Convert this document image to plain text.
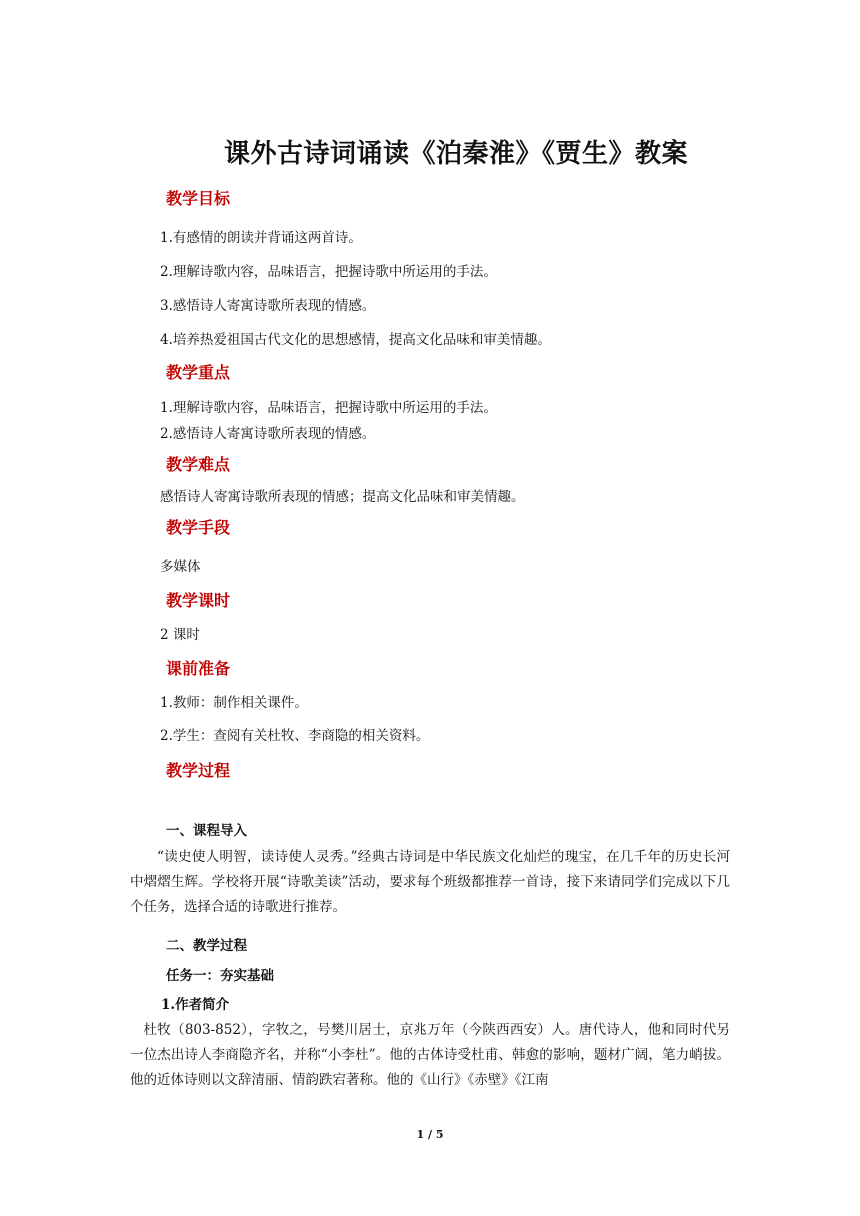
课外古诗词诵读《泊秦淮》《贾生》教案
教学目标
1.有感情的朗读并背诵这两首诗。
2.理解诗歌内容，品味语言，把握诗歌中所运用的手法。
3.感悟诗人寄寓诗歌所表现的情感。
4.培养热爱祖国古代文化的思想感情，提高文化品味和审美情趣。
教学重点
1.理解诗歌内容，品味语言，把握诗歌中所运用的手法。
2.感悟诗人寄寓诗歌所表现的情感。
教学难点
感悟诗人寄寓诗歌所表现的情感；提高文化品味和审美情趣。
教学手段
多媒体
教学课时
2 课时
课前准备
1.教师：制作相关课件。
2.学生：查阅有关杜牧、李商隐的相关资料。
教学过程
一、课程导入
“读史使人明智，读诗使人灵秀。”经典古诗词是中华民族文化灿烂的瑰宝，在几千年的历史长河中熠熠生辉。学校将开展“诗歌美读”活动，要求每个班级都推荐一首诗，接下来请同学们完成以下几个任务，选择合适的诗歌进行推荐。
二、教学过程
任务一：夯实基础
1.作者简介
杜牧（803-852），字牧之，号樊川居士，京兆万年（今陕西西安）人。唐代诗人，他和同时代另一位杰出诗人李商隐齐名，并称“小李杜”。他的古体诗受杜甫、韩愈的影响，题材广阔，笔力峭拔。他的近体诗则以文辞清丽、情韵跌宕著称。他的《山行》《赤壁》《江南
1 / 5
